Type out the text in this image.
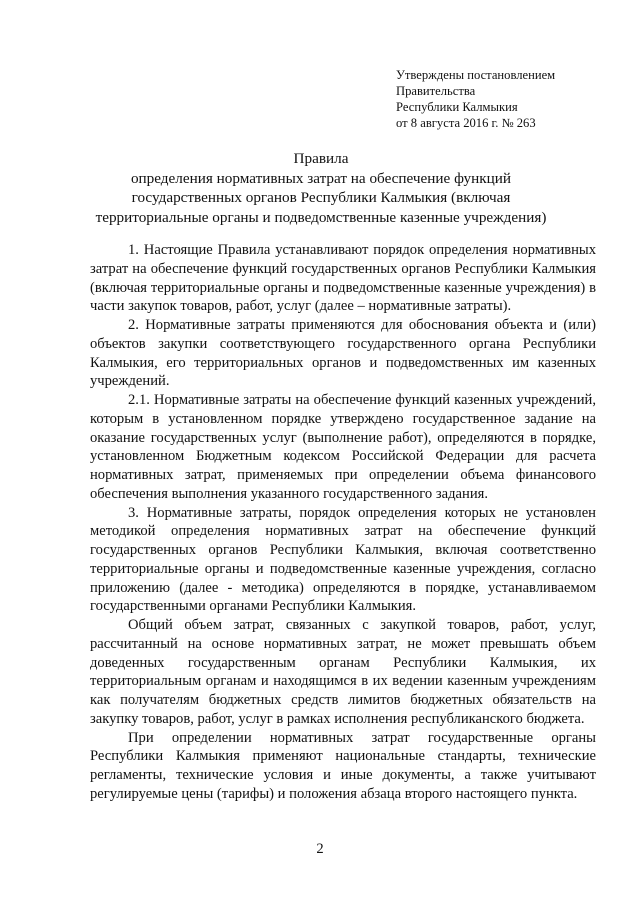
Утверждены постановлением
Правительства
Республики Калмыкия
от 8 августа 2016 г. № 263
Правила
определения нормативных затрат на обеспечение функций государственных органов Республики Калмыкия (включая территориальные органы и подведомственные казенные учреждения)

1. Настоящие Правила устанавливают порядок определения нормативных затрат на обеспечение функций государственных органов Республики Калмыкия (включая территориальные органы и подведомственные казенные учреждения) в части закупок товаров, работ, услуг (далее – нормативные затраты).

2. Нормативные затраты применяются для обоснования объекта и (или) объектов закупки соответствующего государственного органа Республики Калмыкия, его территориальных органов и подведомственных им казенных учреждений.

2.1. Нормативные затраты на обеспечение функций казенных учреждений, которым в установленном порядке утверждено государственное задание на оказание государственных услуг (выполнение работ), определяются в порядке, установленном Бюджетным кодексом Российской Федерации для расчета нормативных затрат, применяемых при определении объема финансового обеспечения выполнения указанного государственного задания.

3. Нормативные затраты, порядок определения которых не установлен методикой определения нормативных затрат на обеспечение функций государственных органов Республики Калмыкия, включая соответственно территориальные органы и подведомственные казенные учреждения, согласно приложению (далее - методика) определяются в порядке, устанавливаемом государственными органами Республики Калмыкия.

Общий объем затрат, связанных с закупкой товаров, работ, услуг, рассчитанный на основе нормативных затрат, не может превышать объем доведенных государственным органам Республики Калмыкия, их территориальным органам и находящимся в их ведении казенным учреждениям как получателям бюджетных средств лимитов бюджетных обязательств на закупку товаров, работ, услуг в рамках исполнения республиканского бюджета.

При определении нормативных затрат государственные органы Республики Калмыкия применяют национальные стандарты, технические регламенты, технические условия и иные документы, а также учитывают регулируемые цены (тарифы) и положения абзаца второго настоящего пункта.

2
